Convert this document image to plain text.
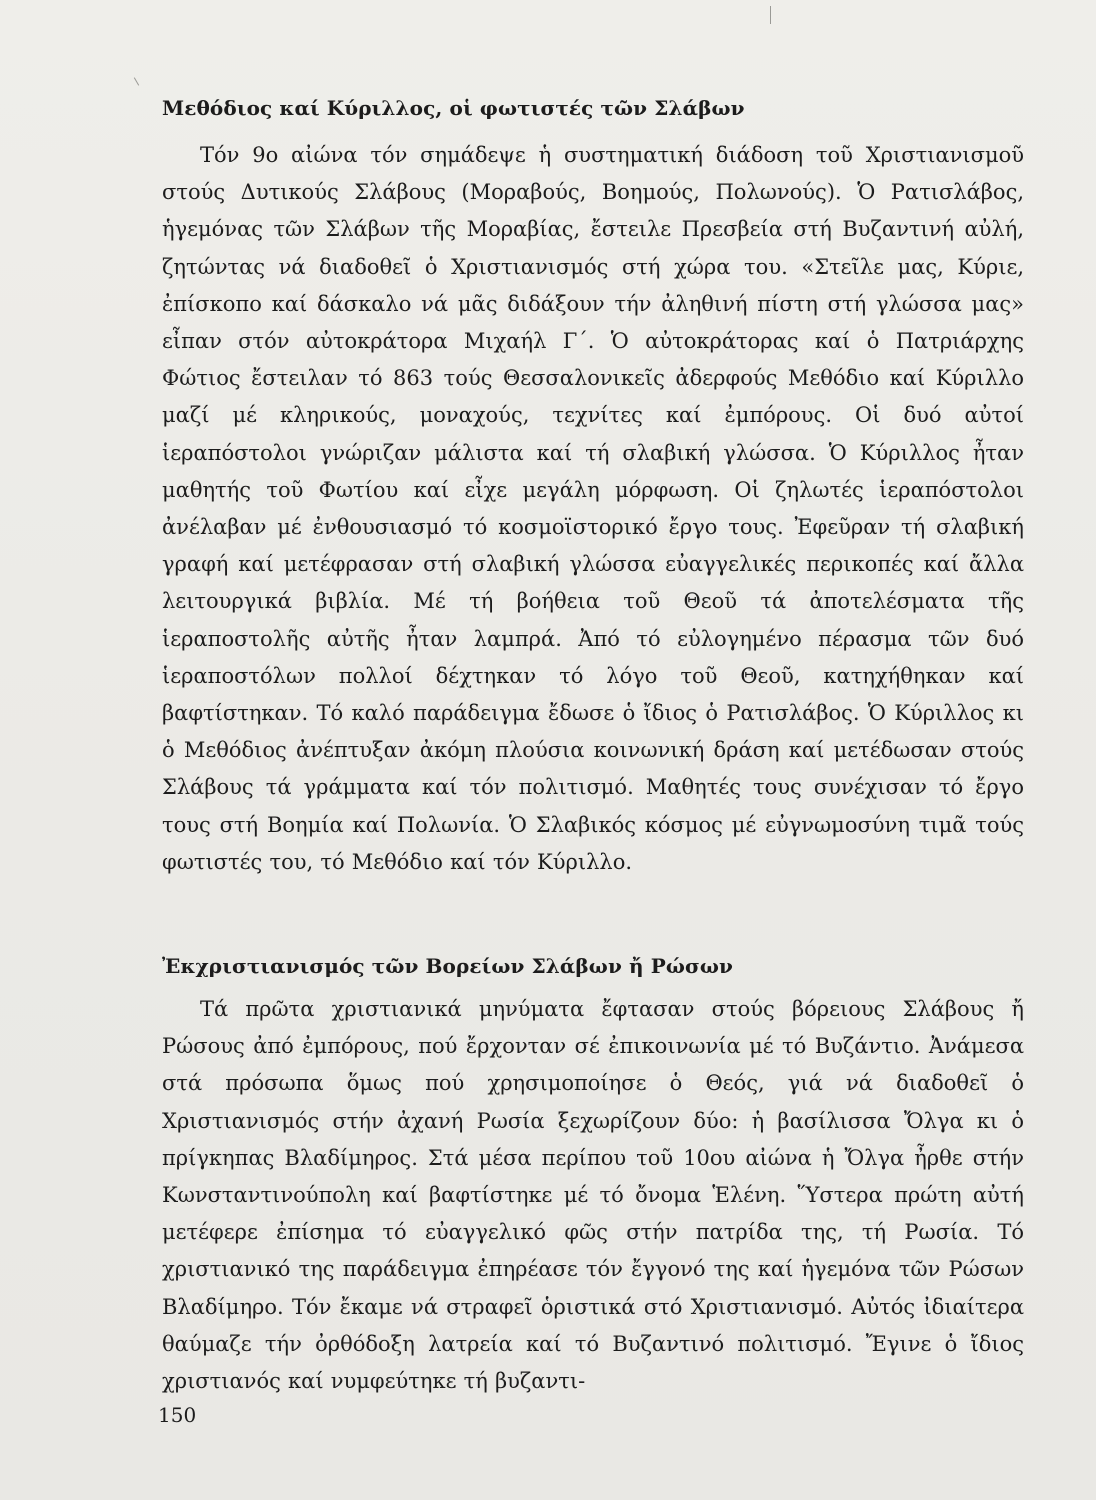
Μεθόδιος καί Κύριλλος, οἱ φωτιστές τῶν Σλάβων

Τόν 9ο αἰώνα τόν σημάδεψε ἡ συστηματική διάδοση τοῦ Χριστιανισμοῦ στούς Δυτικούς Σλάβους (Μοραβούς, Βοημούς, Πολωνούς). Ὁ Ρατισλάβος, ἡγεμόνας τῶν Σλάβων τῆς Μοραβίας, ἔστειλε Πρεσβεία στή Βυζαντινή αὐλή, ζητώντας νά διαδοθεῖ ὁ Χριστιανισμός στή χώρα του. «Στεῖλε μας, Κύριε, ἐπίσκοπο καί δάσκαλο νά μᾶς διδάξουν τήν ἀληθινή πίστη στή γλώσσα μας» εἶπαν στόν αὐτοκράτορα Μιχαήλ Γ΄. Ὁ αὐτοκράτορας καί ὁ Πατριάρχης Φώτιος ἔστειλαν τό 863 τούς Θεσσαλονικεῖς ἀδερφούς Μεθόδιο καί Κύριλλο μαζί μέ κληρικούς, μοναχούς, τεχνίτες καί ἐμπόρους. Οἱ δυό αὐτοί ἱεραπόστολοι γνώριζαν μάλιστα καί τή σλαβική γλώσσα. Ὁ Κύριλλος ἦταν μαθητής τοῦ Φωτίου καί εἶχε μεγάλη μόρφωση. Οἱ ζηλωτές ἱεραπόστολοι ἀνέλαβαν μέ ἐνθουσιασμό τό κοσμοϊστορικό ἔργο τους. Ἐφεῦραν τή σλαβική γραφή καί μετέφρασαν στή σλαβική γλώσσα εὐαγγελικές περικοπές καί ἄλλα λειτουργικά βιβλία. Μέ τή βοήθεια τοῦ Θεοῦ τά ἀποτελέσματα τῆς ἱεραποστολῆς αὐτῆς ἦταν λαμπρά. Ἀπό τό εὐλογημένο πέρασμα τῶν δυό ἱεραποστόλων πολλοί δέχτηκαν τό λόγο τοῦ Θεοῦ, κατηχήθηκαν καί βαφτίστηκαν. Τό καλό παράδειγμα ἔδωσε ὁ ἴδιος ὁ Ρατισλάβος. Ὁ Κύριλλος κι ὁ Μεθόδιος ἀνέπτυξαν ἀκόμη πλούσια κοινωνική δράση καί μετέδωσαν στούς Σλάβους τά γράμματα καί τόν πολιτισμό. Μαθητές τους συνέχισαν τό ἔργο τους στή Βοημία καί Πολωνία. Ὁ Σλαβικός κόσμος μέ εὐγνωμοσύνη τιμᾶ τούς φωτιστές του, τό Μεθόδιο καί τόν Κύριλλο.

Ἐκχριστιανισμός τῶν Βορείων Σλάβων ἤ Ρώσων

Τά πρῶτα χριστιανικά μηνύματα ἔφτασαν στούς βόρειους Σλάβους ἤ Ρώσους ἀπό ἐμπόρους, πού ἔρχονταν σέ ἐπικοινωνία μέ τό Βυζάντιο. Ἀνάμεσα στά πρόσωπα ὅμως πού χρησιμοποίησε ὁ Θεός, γιά νά διαδοθεῖ ὁ Χριστιανισμός στήν ἀχανή Ρωσία ξεχωρίζουν δύο: ἡ βασίλισσα Ὄλγα κι ὁ πρίγκηπας Βλαδίμηρος. Στά μέσα περίπου τοῦ 10ου αἰώνα ἡ Ὄλγα ἦρθε στήν Κωνσταντινούπολη καί βαφτίστηκε μέ τό ὄνομα Ἑλένη. Ὕστερα πρώτη αὐτή μετέφερε ἐπίσημα τό εὐαγγελικό φῶς στήν πατρίδα της, τή Ρωσία. Τό χριστιανικό της παράδειγμα ἐπηρέασε τόν ἔγγονό της καί ἡγεμόνα τῶν Ρώσων Βλαδίμηρο. Τόν ἔκαμε νά στραφεῖ ὁριστικά στό Χριστιανισμό. Αὐτός ἰδιαίτερα θαύμαζε τήν ὀρθόδοξη λατρεία καί τό Βυζαντινό πολιτισμό. Ἔγινε ὁ ἴδιος χριστιανός καί νυμφεύτηκε τή βυζαντι-

150
